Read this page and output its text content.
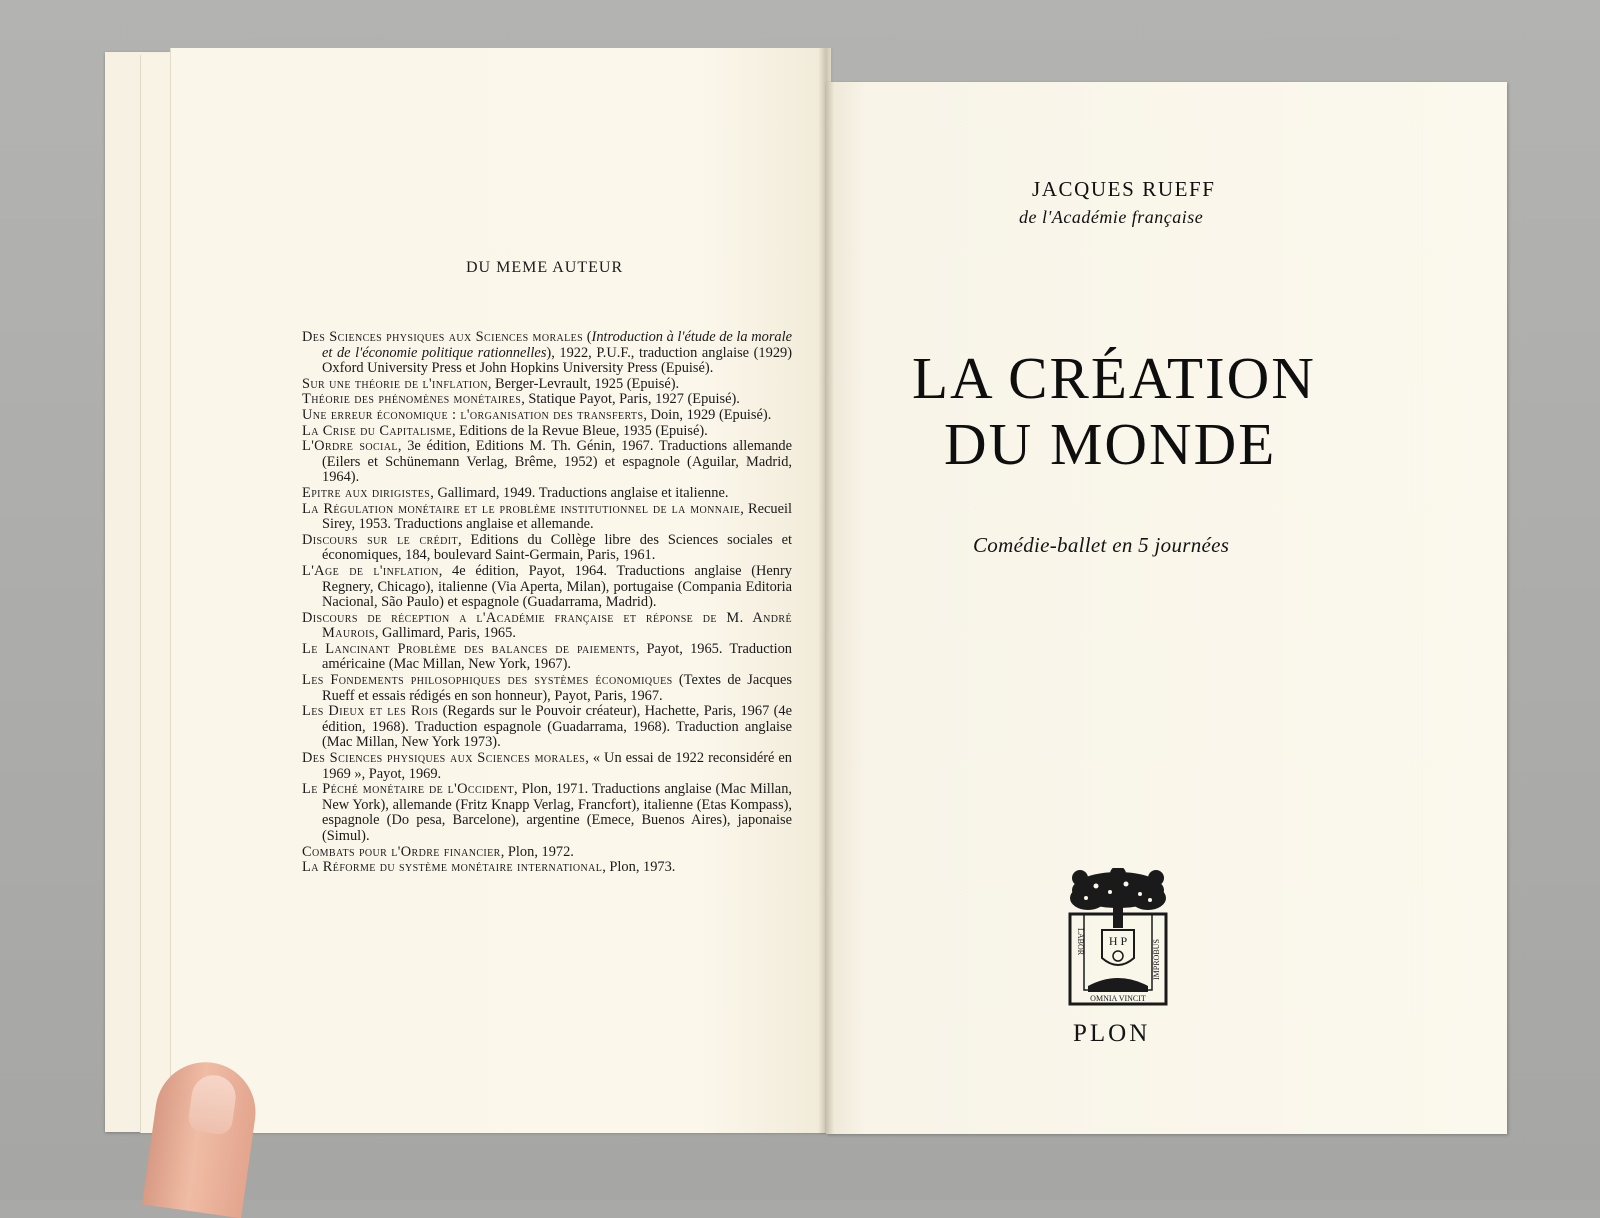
DU MEME AUTEUR

Des Sciences physiques aux Sciences morales (Introduction à l'étude de la morale et de l'économie politique rationnelles), 1922, P.U.F., traduction anglaise (1929) Oxford University Press et John Hopkins University Press (Epuisé).

Sur une théorie de l'inflation, Berger-Levrault, 1925 (Epuisé).

Théorie des phénomènes monétaires, Statique Payot, Paris, 1927 (Epuisé).

Une erreur économique : l'organisation des transferts, Doin, 1929 (Epuisé).

La Crise du Capitalisme, Editions de la Revue Bleue, 1935 (Epuisé).

L'Ordre social, 3e édition, Editions M. Th. Génin, 1967. Traductions allemande (Eilers et Schünemann Verlag, Brême, 1952) et espagnole (Aguilar, Madrid, 1964).

Epitre aux dirigistes, Gallimard, 1949. Traductions anglaise et italienne.

La Régulation monétaire et le problème institutionnel de la monnaie, Recueil Sirey, 1953. Traductions anglaise et allemande.

Discours sur le crédit, Editions du Collège libre des Sciences sociales et économiques, 184, boulevard Saint-Germain, Paris, 1961.

L'Age de l'inflation, 4e édition, Payot, 1964. Traductions anglaise (Henry Regnery, Chicago), italienne (Via Aperta, Milan), portugaise (Compania Editoria Nacional, São Paulo) et espagnole (Guadarrama, Madrid).

Discours de réception a l'Académie française et réponse de M. André Maurois, Gallimard, Paris, 1965.

Le Lancinant Problème des balances de paiements, Payot, 1965. Traduction américaine (Mac Millan, New York, 1967).

Les Fondements philosophiques des systèmes économiques (Textes de Jacques Rueff et essais rédigés en son honneur), Payot, Paris, 1967.

Les Dieux et les Rois (Regards sur le Pouvoir créateur), Hachette, Paris, 1967 (4e édition, 1968). Traduction espagnole (Guadarrama, 1968). Traduction anglaise (Mac Millan, New York 1973).

Des Sciences physiques aux Sciences morales, « Un essai de 1922 reconsidéré en 1969 », Payot, 1969.

Le Péché monétaire de l'Occident, Plon, 1971. Traductions anglaise (Mac Millan, New York), allemande (Fritz Knapp Verlag, Francfort), italienne (Etas Kompass), espagnole (Do pesa, Barcelone), argentine (Emece, Buenos Aires), japonaise (Simul).

Combats pour l'Ordre financier, Plon, 1972.

La Réforme du système monétaire international, Plon, 1973.

JACQUES RUEFF
de l'Académie française
LA CRÉATION
DU MONDE
Comédie-ballet en 5 journées
H P
LABOR	IMPROBUS
OMNIA VINCIT
PLON
